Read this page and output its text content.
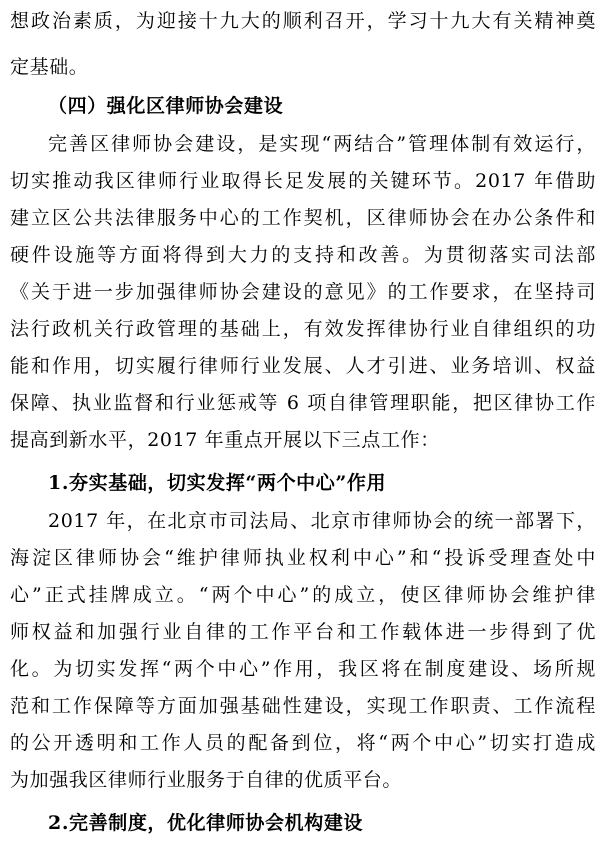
想政治素质，为迎接十九大的顺利召开，学习十九大有关精神奠
定基础。
（四）强化区律师协会建设
完善区律师协会建设，是实现“两结合”管理体制有效运行，
切实推动我区律师行业取得长足发展的关键环节。2017 年借助
建立区公共法律服务中心的工作契机，区律师协会在办公条件和
硬件设施等方面将得到大力的支持和改善。为贯彻落实司法部
《关于进一步加强律师协会建设的意见》的工作要求，在坚持司
法行政机关行政管理的基础上，有效发挥律协行业自律组织的功
能和作用，切实履行律师行业发展、人才引进、业务培训、权益
保障、执业监督和行业惩戒等 6 项自律管理职能，把区律协工作
提高到新水平，2017 年重点开展以下三点工作：
1.夯实基础，切实发挥“两个中心”作用
2017 年，在北京市司法局、北京市律师协会的统一部署下，
海淀区律师协会“维护律师执业权利中心”和“投诉受理查处中
心”正式挂牌成立。“两个中心”的成立，使区律师协会维护律
师权益和加强行业自律的工作平台和工作载体进一步得到了优
化。为切实发挥“两个中心”作用，我区将在制度建设、场所规
范和工作保障等方面加强基础性建设，实现工作职责、工作流程
的公开透明和工作人员的配备到位，将“两个中心”切实打造成
为加强我区律师行业服务于自律的优质平台。
2.完善制度，优化律师协会机构建设
